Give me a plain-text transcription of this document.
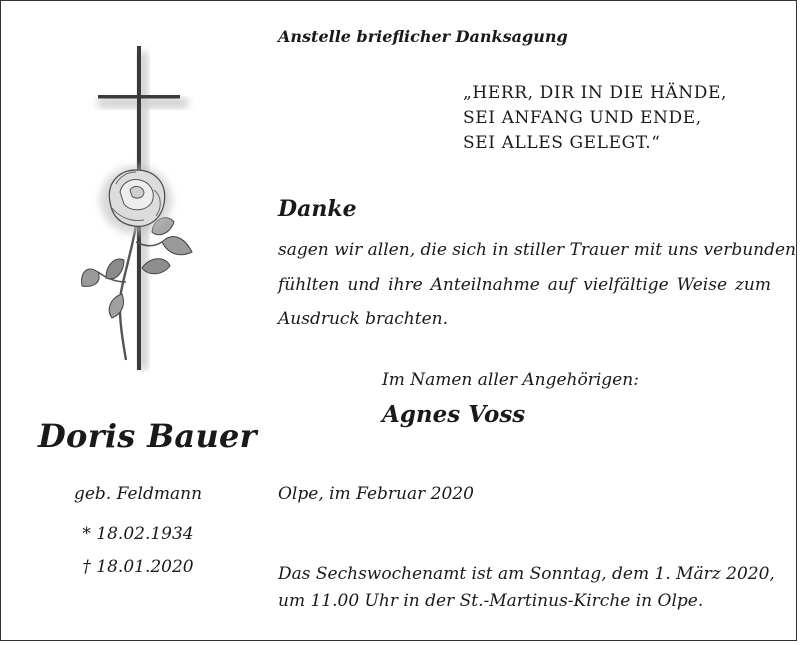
Anstelle brieflicher Danksagung
„HERR, DIR IN DIE HÄNDE,
SEI ANFANG UND ENDE,
SEI ALLES GELEGT.“
Danke
sagen wir allen, die sich in stiller Trauer mit uns verbunden
fühlten und ihre Anteilnahme auf vielfältige Weise zum
Ausdruck brachten.
Im Namen aller Angehörigen:
Agnes Voss
Doris Bauer
geb. Feldmann
* 18.02.1934
† 18.01.2020
Olpe, im Februar 2020
Das Sechswochenamt ist am Sonntag, dem 1. März 2020,
um 11.00 Uhr in der St.-Martinus-Kirche in Olpe.
